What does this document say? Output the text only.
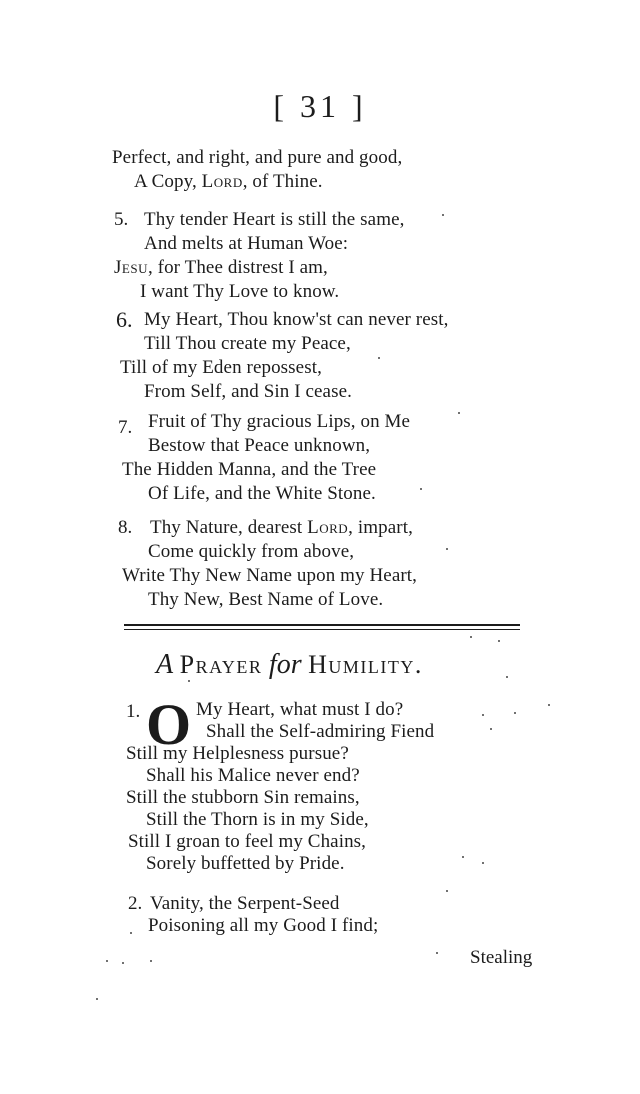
[ 31 ]
Perfect, and right, and pure and good,
A Copy, Lord, of Thine.
5. Thy tender Heart is still the same,
And melts at Human Woe:
Jesu, for Thee distrest I am,
I want Thy Love to know.
6. My Heart, Thou know'st can never rest,
Till Thou create my Peace,
Till of my Eden repossest,
From Self, and Sin I cease.
7. Fruit of Thy gracious Lips, on Me
Bestow that Peace unknown,
The Hidden Manna, and the Tree
Of Life, and the White Stone.
8. Thy Nature, dearest Lord, impart,
Come quickly from above,
Write Thy New Name upon my Heart,
Thy New, Best Name of Love.
A Prayer for Humility.
1. O My Heart, what must I do?
Shall the Self-admiring Fiend
Still my Helplesness pursue?
Shall his Malice never end?
Still the stubborn Sin remains,
Still the Thorn is in my Side,
Still I groan to feel my Chains,
Sorely buffetted by Pride.
2. Vanity, the Serpent-Seed
Poisoning all my Good I find;
Stealing
